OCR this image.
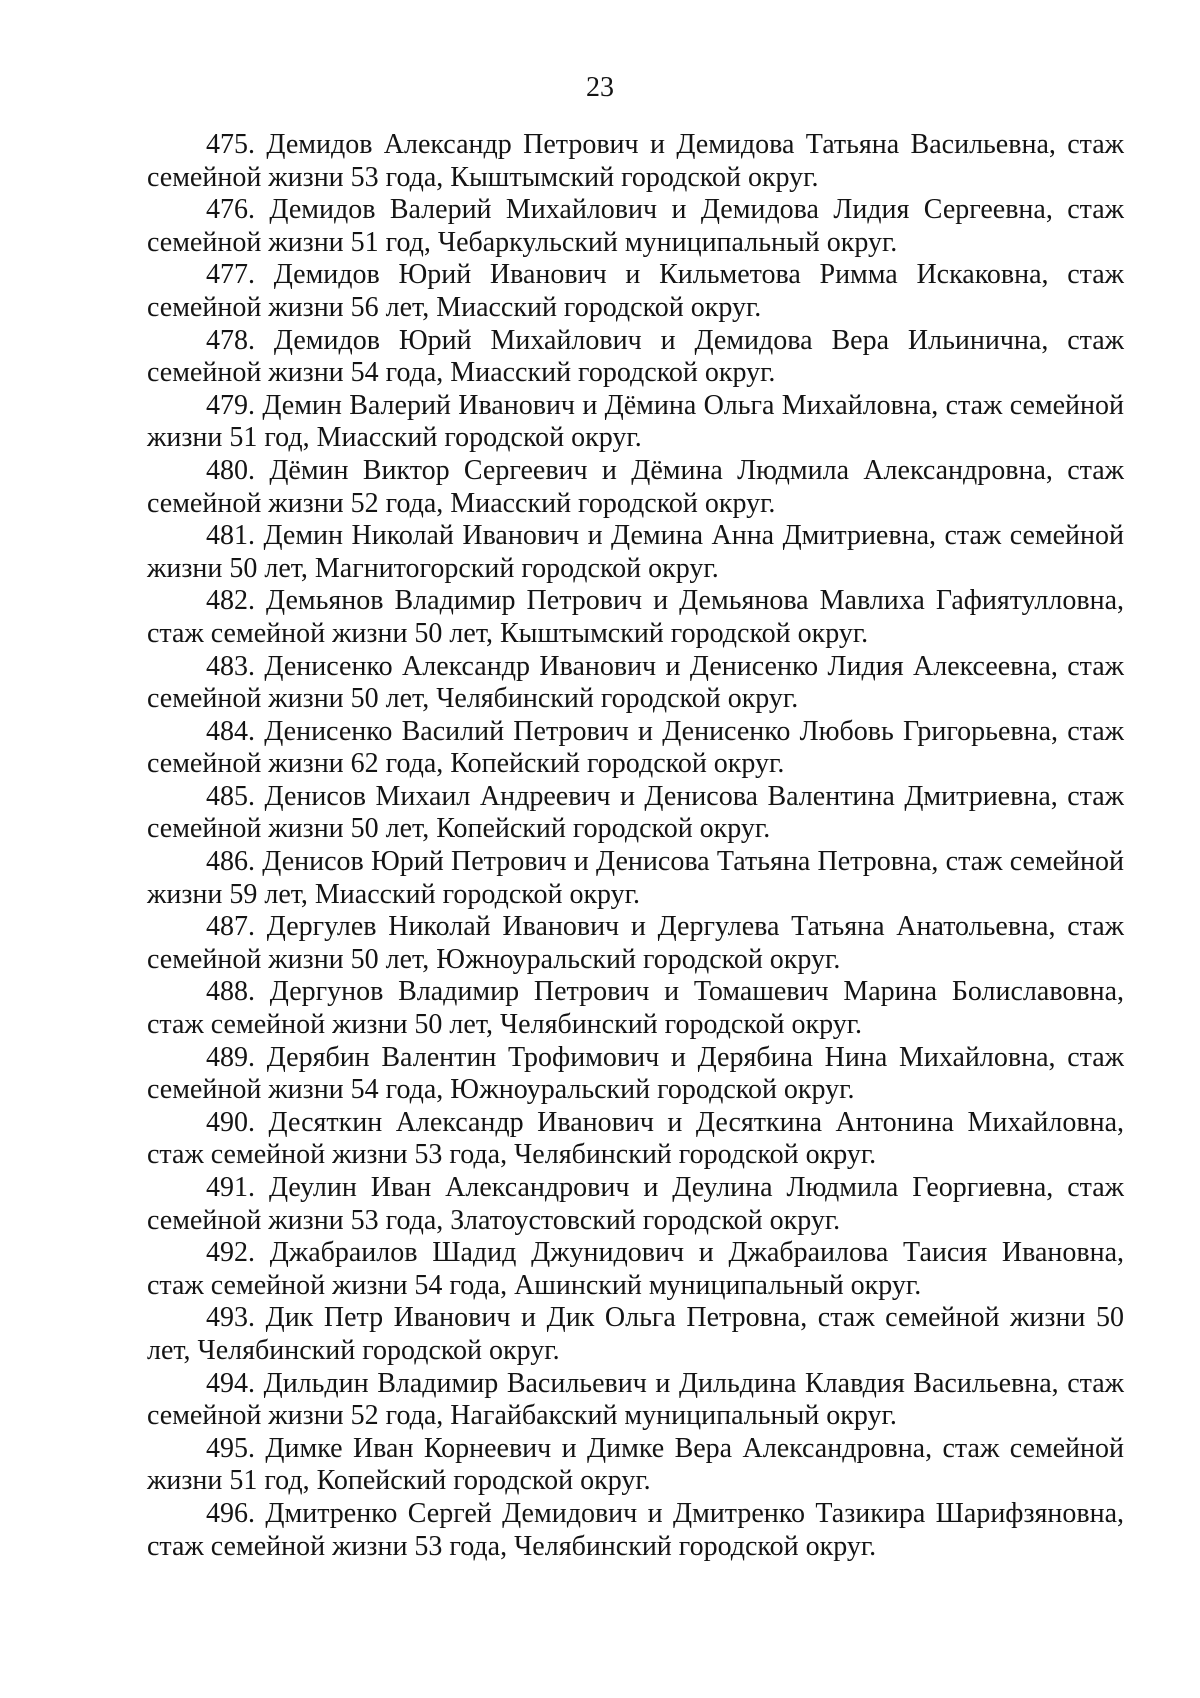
23
475. Демидов Александр Петрович и Демидова Татьяна Васильевна, стаж семейной жизни 53 года, Кыштымский городской округ.
476. Демидов Валерий Михайлович и Демидова Лидия Сергеевна, стаж семейной жизни 51 год, Чебаркульский муниципальный округ.
477. Демидов Юрий Иванович и Кильметова Римма Искаковна, стаж семейной жизни 56 лет, Миасский городской округ.
478. Демидов Юрий Михайлович и Демидова Вера Ильинична, стаж семейной жизни 54 года, Миасский городской округ.
479. Демин Валерий Иванович и Дёмина Ольга Михайловна, стаж семейной жизни 51 год, Миасский городской округ.
480. Дёмин Виктор Сергеевич и Дёмина Людмила Александровна, стаж семейной жизни 52 года, Миасский городской округ.
481. Демин Николай Иванович и Демина Анна Дмитриевна, стаж семейной жизни 50 лет, Магнитогорский городской округ.
482. Демьянов Владимир Петрович и Демьянова Мавлиха Гафиятулловна, стаж семейной жизни 50 лет, Кыштымский городской округ.
483. Денисенко Александр Иванович и Денисенко Лидия Алексеевна, стаж семейной жизни 50 лет, Челябинский городской округ.
484. Денисенко Василий Петрович и Денисенко Любовь Григорьевна, стаж семейной жизни 62 года, Копейский городской округ.
485. Денисов Михаил Андреевич и Денисова Валентина Дмитриевна, стаж семейной жизни 50 лет, Копейский городской округ.
486. Денисов Юрий Петрович и Денисова Татьяна Петровна, стаж семейной жизни 59 лет, Миасский городской округ.
487. Дергулев Николай Иванович и Дергулева Татьяна Анатольевна, стаж семейной жизни 50 лет, Южноуральский городской округ.
488. Дергунов Владимир Петрович и Томашевич Марина Болиславовна, стаж семейной жизни 50 лет, Челябинский городской округ.
489. Дерябин Валентин Трофимович и Дерябина Нина Михайловна, стаж семейной жизни 54 года, Южноуральский городской округ.
490. Десяткин Александр Иванович и Десяткина Антонина Михайловна, стаж семейной жизни 53 года, Челябинский городской округ.
491. Деулин Иван Александрович и Деулина Людмила Георгиевна, стаж семейной жизни 53 года, Златоустовский городской округ.
492. Джабраилов Шадид Джунидович и Джабраилова Таисия Ивановна, стаж семейной жизни 54 года, Ашинский муниципальный округ.
493. Дик Петр Иванович и Дик Ольга Петровна, стаж семейной жизни 50 лет, Челябинский городской округ.
494. Дильдин Владимир Васильевич и Дильдина Клавдия Васильевна, стаж семейной жизни 52 года, Нагайбакский муниципальный округ.
495. Димке Иван Корнеевич и Димке Вера Александровна, стаж семейной жизни 51 год, Копейский городской округ.
496. Дмитренко Сергей Демидович и Дмитренко Тазикира Шарифзяновна, стаж семейной жизни 53 года, Челябинский городской округ.
